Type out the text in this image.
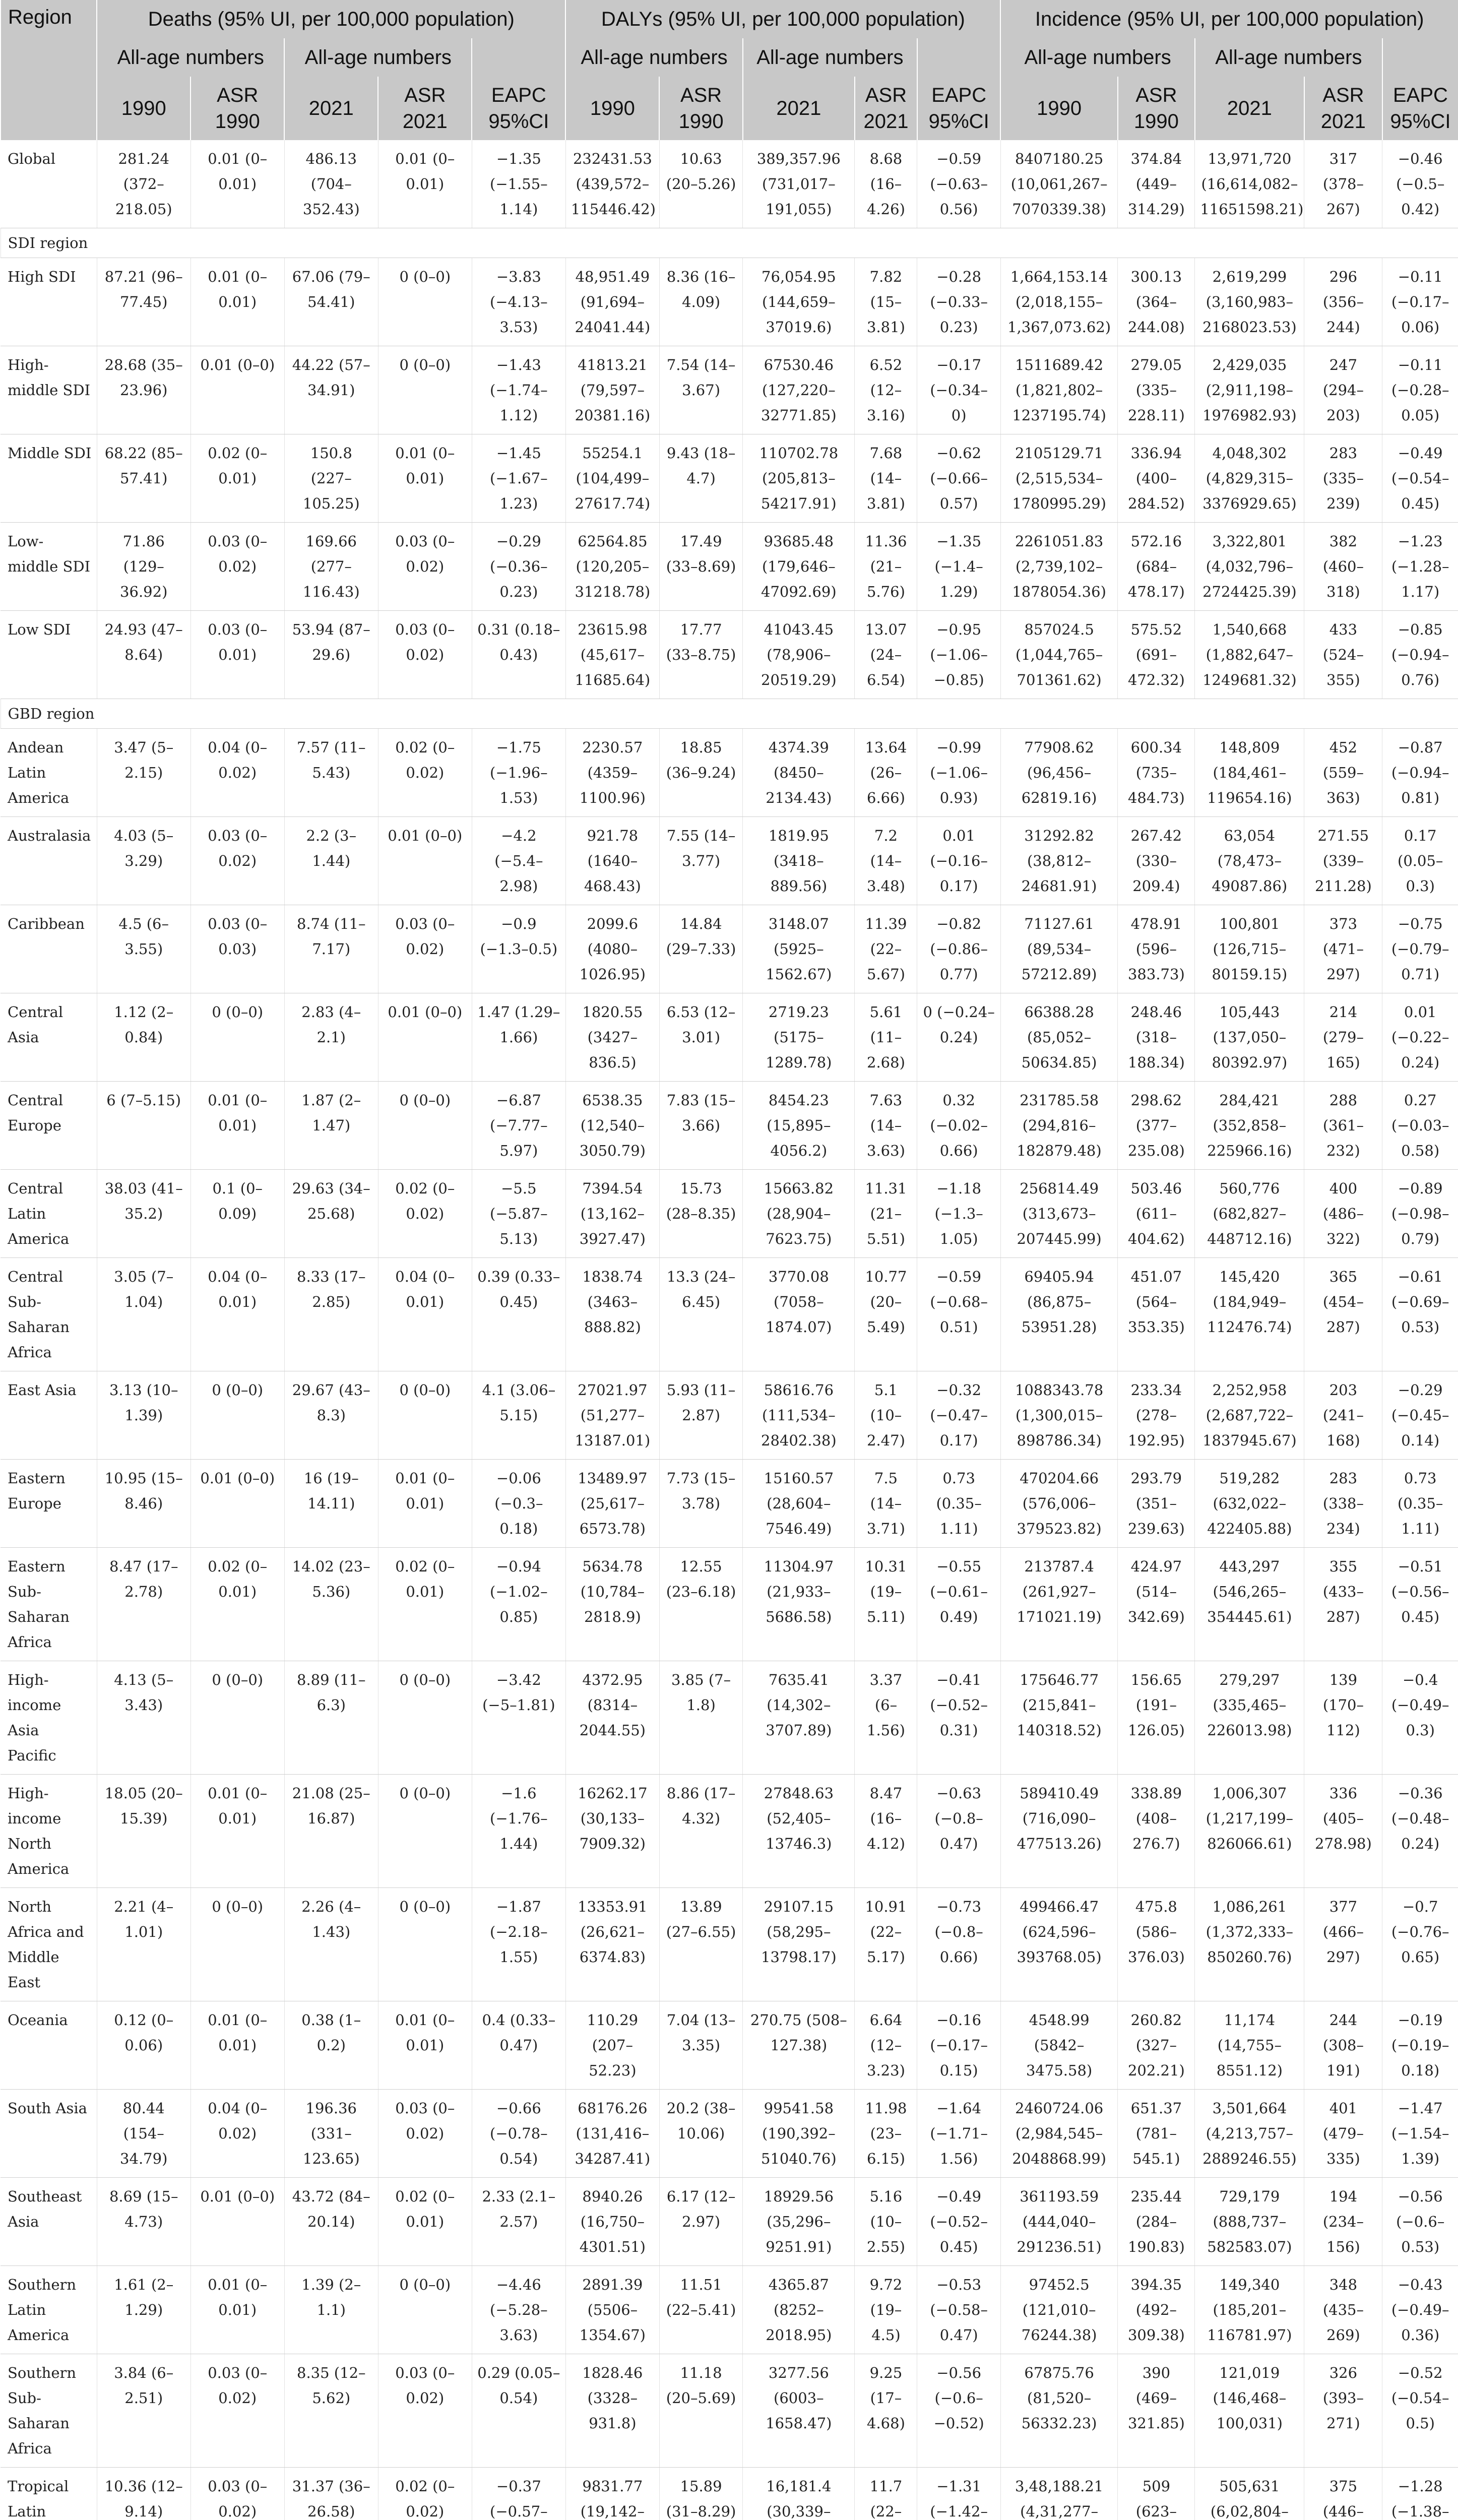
Region	Deaths (95% UI, per 100,000 population)					DALYs (95% UI, per 100,000 population)					Incidence (95% UI, per 100,000 population)				
	All-age numbers		All-age numbers			All-age numbers		All-age numbers			All-age numbers		All-age numbers		
	1990	ASR 1990	2021	ASR 2021	EAPC 95%CI	1990	ASR 1990	2021	ASR 2021	EAPC 95%CI	1990	ASR 1990	2021	ASR 2021	EAPC 95%CI
Global	281.24 (372–218.05)	0.01 (0–0.01)	486.13 (704–352.43)	0.01 (0–0.01)	−1.35 (−1.55–1.14)	232431.53 (439,572–115446.42)	10.63 (20–5.26)	389,357.96 (731,017–191,055)	8.68 (16–4.26)	−0.59 (−0.63–0.56)	8407180.25 (10,061,267–7070339.38)	374.84 (449–314.29)	13,971,720 (16,614,082–11651598.21)	317 (378–267)	−0.46 (−0.5–0.42)
SDI region															
High SDI	87.21 (96–77.45)	0.01 (0–0.01)	67.06 (79–54.41)	0 (0–0)	−3.83 (−4.13–3.53)	48,951.49 (91,694–24041.44)	8.36 (16–4.09)	76,054.95 (144,659–37019.6)	7.82 (15–3.81)	−0.28 (−0.33–0.23)	1,664,153.14 (2,018,155–1,367,073.62)	300.13 (364–244.08)	2,619,299 (3,160,983–2168023.53)	296 (356–244)	−0.11 (−0.17–0.06)
High-middle SDI	28.68 (35–23.96)	0.01 (0–0)	44.22 (57–34.91)	0 (0–0)	−1.43 (−1.74–1.12)	41813.21 (79,597–20381.16)	7.54 (14–3.67)	67530.46 (127,220–32771.85)	6.52 (12–3.16)	−0.17 (−0.34–0)	1511689.42 (1,821,802–1237195.74)	279.05 (335–228.11)	2,429,035 (2,911,198–1976982.93)	247 (294–203)	−0.11 (−0.28–0.05)
Middle SDI	68.22 (85–57.41)	0.02 (0–0.01)	150.8 (227–105.25)	0.01 (0–0.01)	−1.45 (−1.67–1.23)	55254.1 (104,499–27617.74)	9.43 (18–4.7)	110702.78 (205,813–54217.91)	7.68 (14–3.81)	−0.62 (−0.66–0.57)	2105129.71 (2,515,534–1780995.29)	336.94 (400–284.52)	4,048,302 (4,829,315–3376929.65)	283 (335–239)	−0.49 (−0.54–0.45)
Low-middle SDI	71.86 (129–36.92)	0.03 (0–0.02)	169.66 (277–116.43)	0.03 (0–0.02)	−0.29 (−0.36–0.23)	62564.85 (120,205–31218.78)	17.49 (33–8.69)	93685.48 (179,646–47092.69)	11.36 (21–5.76)	−1.35 (−1.4–1.29)	2261051.83 (2,739,102–1878054.36)	572.16 (684–478.17)	3,322,801 (4,032,796–2724425.39)	382 (460–318)	−1.23 (−1.28–1.17)
Low SDI	24.93 (47–8.64)	0.03 (0–0.01)	53.94 (87–29.6)	0.03 (0–0.02)	0.31 (0.18–0.43)	23615.98 (45,617–11685.64)	17.77 (33–8.75)	41043.45 (78,906–20519.29)	13.07 (24–6.54)	−0.95 (−1.06–−0.85)	857024.5 (1,044,765–701361.62)	575.52 (691–472.32)	1,540,668 (1,882,647–1249681.32)	433 (524–355)	−0.85 (−0.94–0.76)
GBD region															
Andean Latin America	3.47 (5–2.15)	0.04 (0–0.02)	7.57 (11–5.43)	0.02 (0–0.02)	−1.75 (−1.96–1.53)	2230.57 (4359–1100.96)	18.85 (36–9.24)	4374.39 (8450–2134.43)	13.64 (26–6.66)	−0.99 (−1.06–0.93)	77908.62 (96,456–62819.16)	600.34 (735–484.73)	148,809 (184,461–119654.16)	452 (559–363)	−0.87 (−0.94–0.81)
Australasia	4.03 (5–3.29)	0.03 (0–0.02)	2.2 (3–1.44)	0.01 (0–0)	−4.2 (−5.4–2.98)	921.78 (1640–468.43)	7.55 (14–3.77)	1819.95 (3418–889.56)	7.2 (14–3.48)	0.01 (−0.16–0.17)	31292.82 (38,812–24681.91)	267.42 (330–209.4)	63,054 (78,473–49087.86)	271.55 (339–211.28)	0.17 (0.05–0.3)
Caribbean	4.5 (6–3.55)	0.03 (0–0.03)	8.74 (11–7.17)	0.03 (0–0.02)	−0.9 (−1.3–0.5)	2099.6 (4080–1026.95)	14.84 (29–7.33)	3148.07 (5925–1562.67)	11.39 (22–5.67)	−0.82 (−0.86–0.77)	71127.61 (89,534–57212.89)	478.91 (596–383.73)	100,801 (126,715–80159.15)	373 (471–297)	−0.75 (−0.79–0.71)
Central Asia	1.12 (2–0.84)	0 (0–0)	2.83 (4–2.1)	0.01 (0–0)	1.47 (1.29–1.66)	1820.55 (3427–836.5)	6.53 (12–3.01)	2719.23 (5175–1289.78)	5.61 (11–2.68)	0 (−0.24–0.24)	66388.28 (85,052–50634.85)	248.46 (318–188.34)	105,443 (137,050–80392.97)	214 (279–165)	0.01 (−0.22–0.24)
Central Europe	6 (7–5.15)	0.01 (0–0.01)	1.87 (2–1.47)	0 (0–0)	−6.87 (−7.77–5.97)	6538.35 (12,540–3050.79)	7.83 (15–3.66)	8454.23 (15,895–4056.2)	7.63 (14–3.63)	0.32 (−0.02–0.66)	231785.58 (294,816–182879.48)	298.62 (377–235.08)	284,421 (352,858–225966.16)	288 (361–232)	0.27 (−0.03–0.58)
Central Latin America	38.03 (41–35.2)	0.1 (0–0.09)	29.63 (34–25.68)	0.02 (0–0.02)	−5.5 (−5.87–5.13)	7394.54 (13,162–3927.47)	15.73 (28–8.35)	15663.82 (28,904–7623.75)	11.31 (21–5.51)	−1.18 (−1.3–1.05)	256814.49 (313,673–207445.99)	503.46 (611–404.62)	560,776 (682,827–448712.16)	400 (486–322)	−0.89 (−0.98–0.79)
Central Sub-Saharan Africa	3.05 (7–1.04)	0.04 (0–0.01)	8.33 (17–2.85)	0.04 (0–0.01)	0.39 (0.33–0.45)	1838.74 (3463–888.82)	13.3 (24–6.45)	3770.08 (7058–1874.07)	10.77 (20–5.49)	−0.59 (−0.68–0.51)	69405.94 (86,875–53951.28)	451.07 (564–353.35)	145,420 (184,949–112476.74)	365 (454–287)	−0.61 (−0.69–0.53)
East Asia	3.13 (10–1.39)	0 (0–0)	29.67 (43–8.3)	0 (0–0)	4.1 (3.06–5.15)	27021.97 (51,277–13187.01)	5.93 (11–2.87)	58616.76 (111,534–28402.38)	5.1 (10–2.47)	−0.32 (−0.47–0.17)	1088343.78 (1,300,015–898786.34)	233.34 (278–192.95)	2,252,958 (2,687,722–1837945.67)	203 (241–168)	−0.29 (−0.45–0.14)
Eastern Europe	10.95 (15–8.46)	0.01 (0–0)	16 (19–14.11)	0.01 (0–0.01)	−0.06 (−0.3–0.18)	13489.97 (25,617–6573.78)	7.73 (15–3.78)	15160.57 (28,604–7546.49)	7.5 (14–3.71)	0.73 (0.35–1.11)	470204.66 (576,006–379523.82)	293.79 (351–239.63)	519,282 (632,022–422405.88)	283 (338–234)	0.73 (0.35–1.11)
Eastern Sub-Saharan Africa	8.47 (17–2.78)	0.02 (0–0.01)	14.02 (23–5.36)	0.02 (0–0.01)	−0.94 (−1.02–0.85)	5634.78 (10,784–2818.9)	12.55 (23–6.18)	11304.97 (21,933–5686.58)	10.31 (19–5.11)	−0.55 (−0.61–0.49)	213787.4 (261,927–171021.19)	424.97 (514–342.69)	443,297 (546,265–354445.61)	355 (433–287)	−0.51 (−0.56–0.45)
High-income Asia Pacific	4.13 (5–3.43)	0 (0–0)	8.89 (11–6.3)	0 (0–0)	−3.42 (−5–1.81)	4372.95 (8314–2044.55)	3.85 (7–1.8)	7635.41 (14,302–3707.89)	3.37 (6–1.56)	−0.41 (−0.52–0.31)	175646.77 (215,841–140318.52)	156.65 (191–126.05)	279,297 (335,465–226013.98)	139 (170–112)	−0.4 (−0.49–0.3)
High-income North America	18.05 (20–15.39)	0.01 (0–0.01)	21.08 (25–16.87)	0 (0–0)	−1.6 (−1.76–1.44)	16262.17 (30,133–7909.32)	8.86 (17–4.32)	27848.63 (52,405–13746.3)	8.47 (16–4.12)	−0.63 (−0.8–0.47)	589410.49 (716,090–477513.26)	338.89 (408–276.7)	1,006,307 (1,217,199–826066.61)	336 (405–278.98)	−0.36 (−0.48–0.24)
North Africa and Middle East	2.21 (4–1.01)	0 (0–0)	2.26 (4–1.43)	0 (0–0)	−1.87 (−2.18–1.55)	13353.91 (26,621–6374.83)	13.89 (27–6.55)	29107.15 (58,295–13798.17)	10.91 (22–5.17)	−0.73 (−0.8–0.66)	499466.47 (624,596–393768.05)	475.8 (586–376.03)	1,086,261 (1,372,333–850260.76)	377 (466–297)	−0.7 (−0.76–0.65)
Oceania	0.12 (0–0.06)	0.01 (0–0.01)	0.38 (1–0.2)	0.01 (0–0.01)	0.4 (0.33–0.47)	110.29 (207–52.23)	7.04 (13–3.35)	270.75 (508–127.38)	6.64 (12–3.23)	−0.16 (−0.17–0.15)	4548.99 (5842–3475.58)	260.82 (327–202.21)	11,174 (14,755–8551.12)	244 (308–191)	−0.19 (−0.19–0.18)
South Asia	80.44 (154–34.79)	0.04 (0–0.02)	196.36 (331–123.65)	0.03 (0–0.02)	−0.66 (−0.78–0.54)	68176.26 (131,416–34287.41)	20.2 (38–10.06)	99541.58 (190,392–51040.76)	11.98 (23–6.15)	−1.64 (−1.71–1.56)	2460724.06 (2,984,545–2048868.99)	651.37 (781–545.1)	3,501,664 (4,213,757–2889246.55)	401 (479–335)	−1.47 (−1.54–1.39)
Southeast Asia	8.69 (15–4.73)	0.01 (0–0)	43.72 (84–20.14)	0.02 (0–0.01)	2.33 (2.1–2.57)	8940.26 (16,750–4301.51)	6.17 (12–2.97)	18929.56 (35,296–9251.91)	5.16 (10–2.55)	−0.49 (−0.52–0.45)	361193.59 (444,040–291236.51)	235.44 (284–190.83)	729,179 (888,737–582583.07)	194 (234–156)	−0.56 (−0.6–0.53)
Southern Latin America	1.61 (2–1.29)	0.01 (0–0.01)	1.39 (2–1.1)	0 (0–0)	−4.46 (−5.28–3.63)	2891.39 (5506–1354.67)	11.51 (22–5.41)	4365.87 (8252–2018.95)	9.72 (19–4.5)	−0.53 (−0.58–0.47)	97452.5 (121,010–76244.38)	394.35 (492–309.38)	149,340 (185,201–116781.97)	348 (435–269)	−0.43 (−0.49–0.36)
Southern Sub-Saharan Africa	3.84 (6–2.51)	0.03 (0–0.02)	8.35 (12–5.62)	0.03 (0–0.02)	0.29 (0.05–0.54)	1828.46 (3328–931.8)	11.18 (20–5.69)	3277.56 (6003–1658.47)	9.25 (17–4.68)	−0.56 (−0.6–−0.52)	67875.76 (81,520–56332.23)	390 (469–321.85)	121,019 (146,468–100,031)	326 (393–271)	−0.52 (−0.54–0.5)
Tropical Latin	10.36 (12–9.14)	0.03 (0–0.02)	31.37 (36–26.58)	0.02 (0–0.02)	−0.37 (−0.57–	9831.77 (19,142–	15.89 (31–8.29)	16,181.4 (30,339–	11.7 (22–	−1.31 (−1.42–	3,48,188.21 (4,31,277–	509 (623–	505,631 (6,02,804–	375 (446–	−1.28 (−1.38–
